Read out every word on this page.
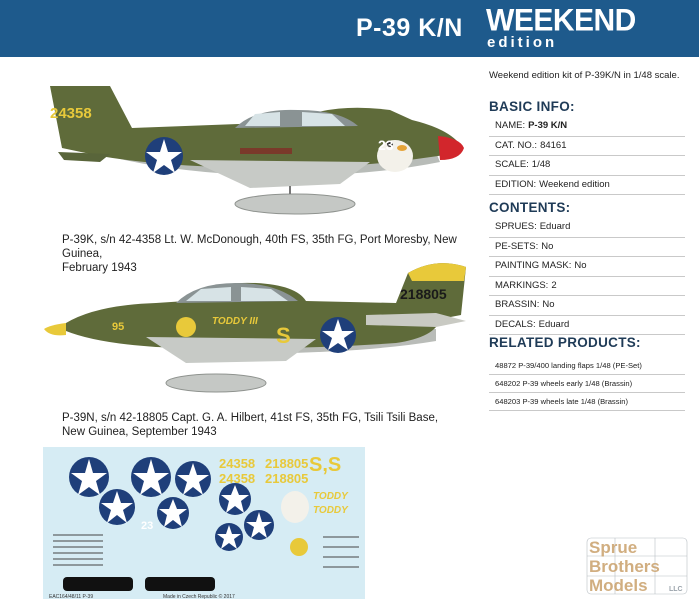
P-39 K/N WEEKEND
edition
24358
23
P-39K, s/n 42-4358 Lt. W. McDonough, 40th FS, 35th FG, Port Moresby, New Guinea,
February 1943
95	TODDY III
S
218805
P-39N, s/n 42-18805 Capt. G. A. Hilbert, 41st FS, 35th FG, Tsili Tsili Base,
New Guinea, September 1943
24358 218805
24358 218805
S,S
TODDY
TODDY
23
EAC164/48/11 P-39	Made in Czech Republic © 2017
Weekend edition kit of P-39K/N in 1/48 scale.
BASIC INFO:
NAME: P-39 K/N
CAT. NO.: 84161
SCALE: 1/48
EDITION: Weekend edition
CONTENTS:
SPRUES: Eduard
PE-SETS: No
PAINTING MASK: No
MARKINGS: 2
BRASSIN: No
DECALS: Eduard
RELATED PRODUCTS:
48872 P-39/400 landing flaps 1/48 (PE-Set)
648202 P-39 wheels early 1/48 (Brassin)
648203 P-39 wheels late 1/48 (Brassin)
Sprue
Brothers
Models	LLC
